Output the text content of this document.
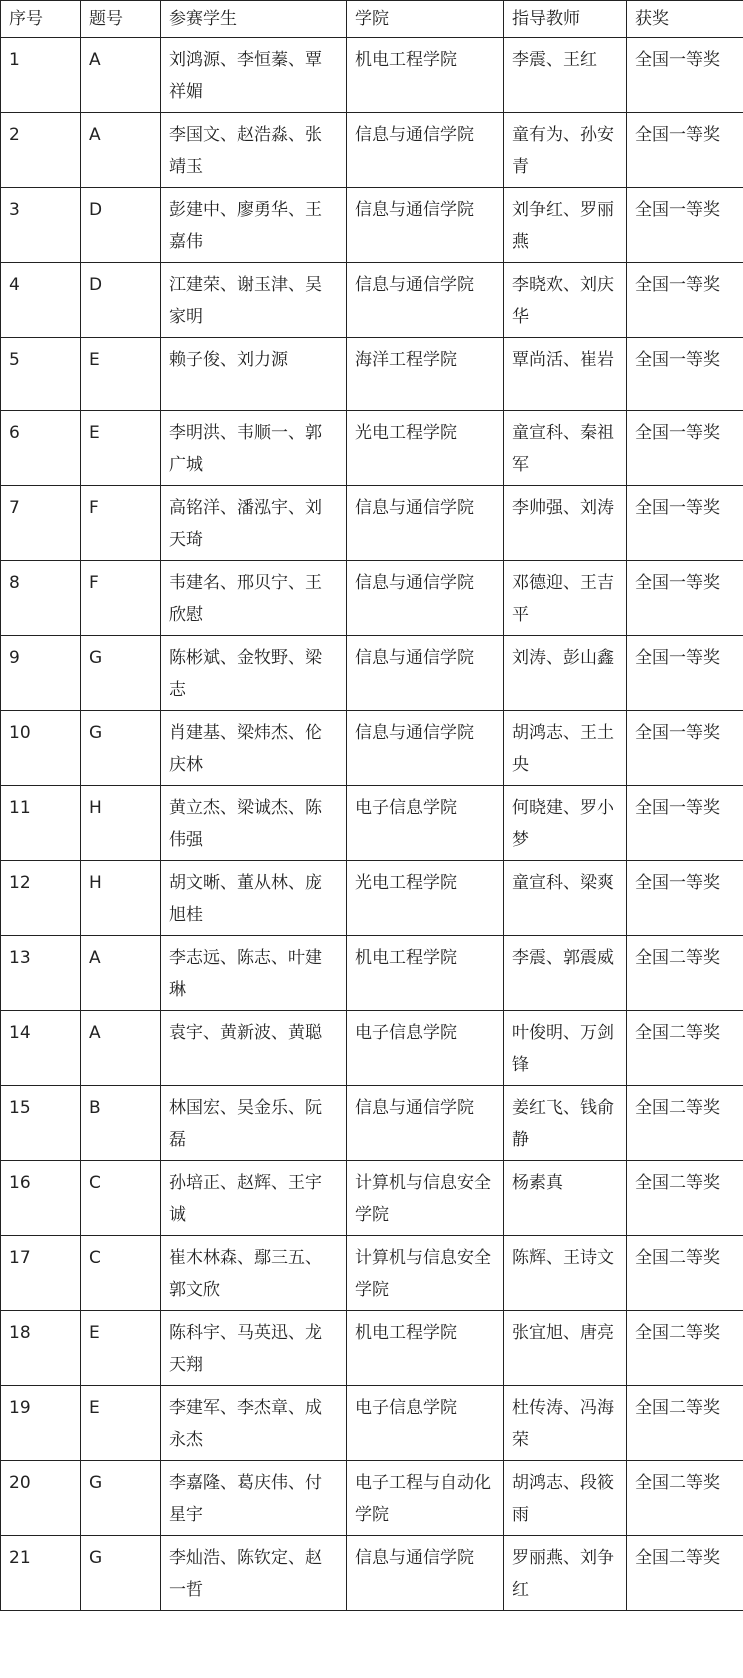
序号	题号	参赛学生	学院	指导教师	获奖
1	A	刘鸿源、李恒蓁、覃祥媚	机电工程学院	李震、王红	全国一等奖
2	A	李国文、赵浩淼、张靖玉	信息与通信学院	童有为、孙安青	全国一等奖
3	D	彭建中、廖勇华、王嘉伟	信息与通信学院	刘争红、罗丽燕	全国一等奖
4	D	江建荣、谢玉津、吴家明	信息与通信学院	李晓欢、刘庆华	全国一等奖
5	E	赖子俊、刘力源	海洋工程学院	覃尚活、崔岩	全国一等奖
6	E	李明洪、韦顺一、郭广城	光电工程学院	童宣科、秦祖军	全国一等奖
7	F	高铭洋、潘泓宇、刘天琦	信息与通信学院	李帅强、刘涛	全国一等奖
8	F	韦建名、邢贝宁、王欣慰	信息与通信学院	邓德迎、王吉平	全国一等奖
9	G	陈彬斌、金牧野、梁志	信息与通信学院	刘涛、彭山鑫	全国一等奖
10	G	肖建基、梁炜杰、伦庆林	信息与通信学院	胡鸿志、王土央	全国一等奖
11	H	黄立杰、梁诚杰、陈伟强	电子信息学院	何晓建、罗小梦	全国一等奖
12	H	胡文晰、董从林、庞旭桂	光电工程学院	童宣科、梁爽	全国一等奖
13	A	李志远、陈志、叶建琳	机电工程学院	李震、郭震威	全国二等奖
14	A	袁宇、黄新波、黄聪	电子信息学院	叶俊明、万剑锋	全国二等奖
15	B	林国宏、吴金乐、阮磊	信息与通信学院	姜红飞、钱俞静	全国二等奖
16	C	孙培正、赵辉、王宇诚	计算机与信息安全学院	杨素真	全国二等奖
17	C	崔木林森、鄢三五、郭文欣	计算机与信息安全学院	陈辉、王诗文	全国二等奖
18	E	陈科宇、马英迅、龙天翔	机电工程学院	张宜旭、唐亮	全国二等奖
19	E	李建军、李杰章、成永杰	电子信息学院	杜传涛、冯海荣	全国二等奖
20	G	李嘉隆、葛庆伟、付星宇	电子工程与自动化学院	胡鸿志、段筱雨	全国二等奖
21	G	李灿浩、陈钦定、赵一哲	信息与通信学院	罗丽燕、刘争红	全国二等奖
